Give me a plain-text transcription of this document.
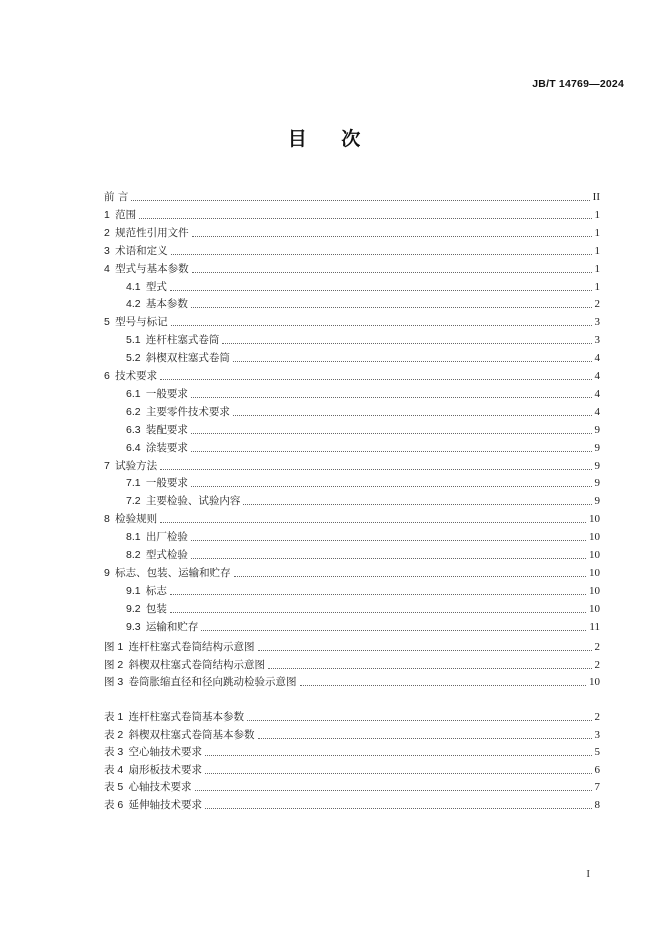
JB/T 14769—2024
目 次
前 言	II
1  范围	1
2  规范性引用文件	1
3  术语和定义	1
4  型式与基本参数	1
4.1  型式	1
4.2  基本参数	2
5  型号与标记	3
5.1  连杆柱塞式卷筒	3
5.2  斜楔双柱塞式卷筒	4
6  技术要求	4
6.1  一般要求	4
6.2  主要零件技术要求	4
6.3  装配要求	9
6.4  涂装要求	9
7  试验方法	9
7.1  一般要求	9
7.2  主要检验、试验内容	9
8  检验规则	10
8.1  出厂检验	10
8.2  型式检验	10
9  标志、包装、运输和贮存	10
9.1  标志	10
9.2  包装	10
9.3  运输和贮存	11
图 1  连杆柱塞式卷筒结构示意图	2
图 2  斜楔双柱塞式卷筒结构示意图	2
图 3  卷筒胀缩直径和径向跳动检验示意图	10
表 1  连杆柱塞式卷筒基本参数	2
表 2  斜楔双柱塞式卷筒基本参数	3
表 3  空心轴技术要求	5
表 4  扇形板技术要求	6
表 5  心轴技术要求	7
表 6  延伸轴技术要求	8
I
